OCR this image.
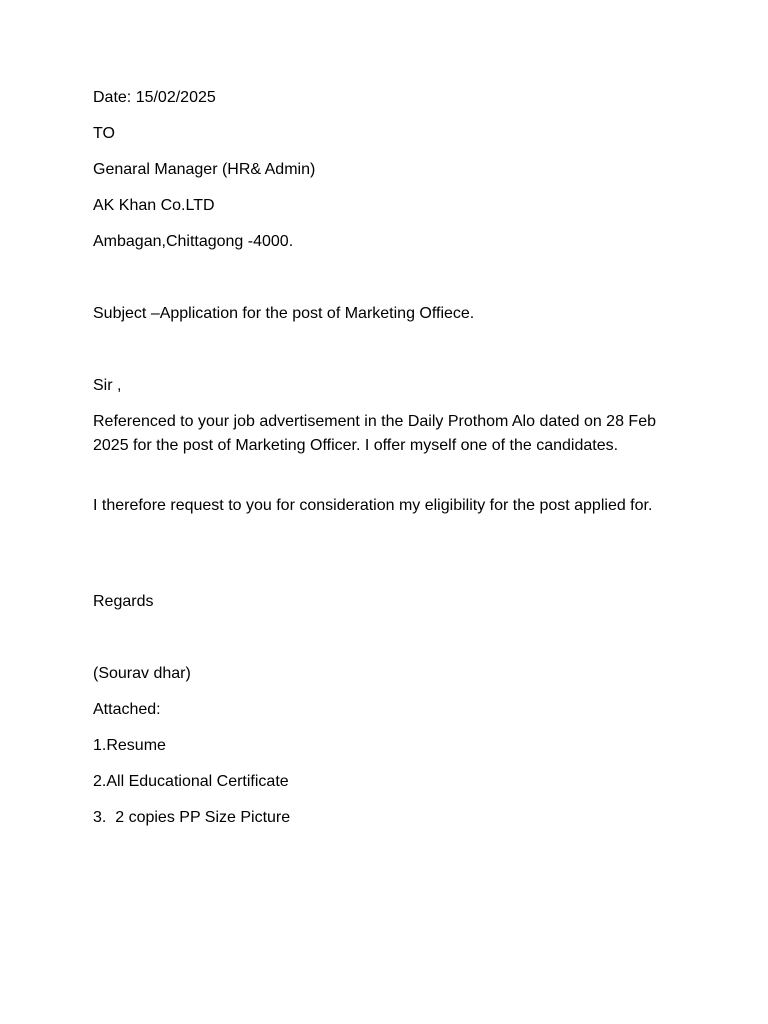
Date: 15/02/2025

TO

Genaral Manager (HR& Admin)

AK Khan Co.LTD

Ambagan,Chittagong -4000.

Subject –Application for the post of Marketing Offiece.

Sir ,

Referenced to your job advertisement in the Daily Prothom Alo dated on 28 Feb 2025 for the post of Marketing Officer. I offer myself one of the candidates.

I therefore request to you for consideration my eligibility for the post applied for.

Regards

(Sourav dhar)

Attached:

1.Resume

2.All Educational Certificate

3.  2 copies PP Size Picture
